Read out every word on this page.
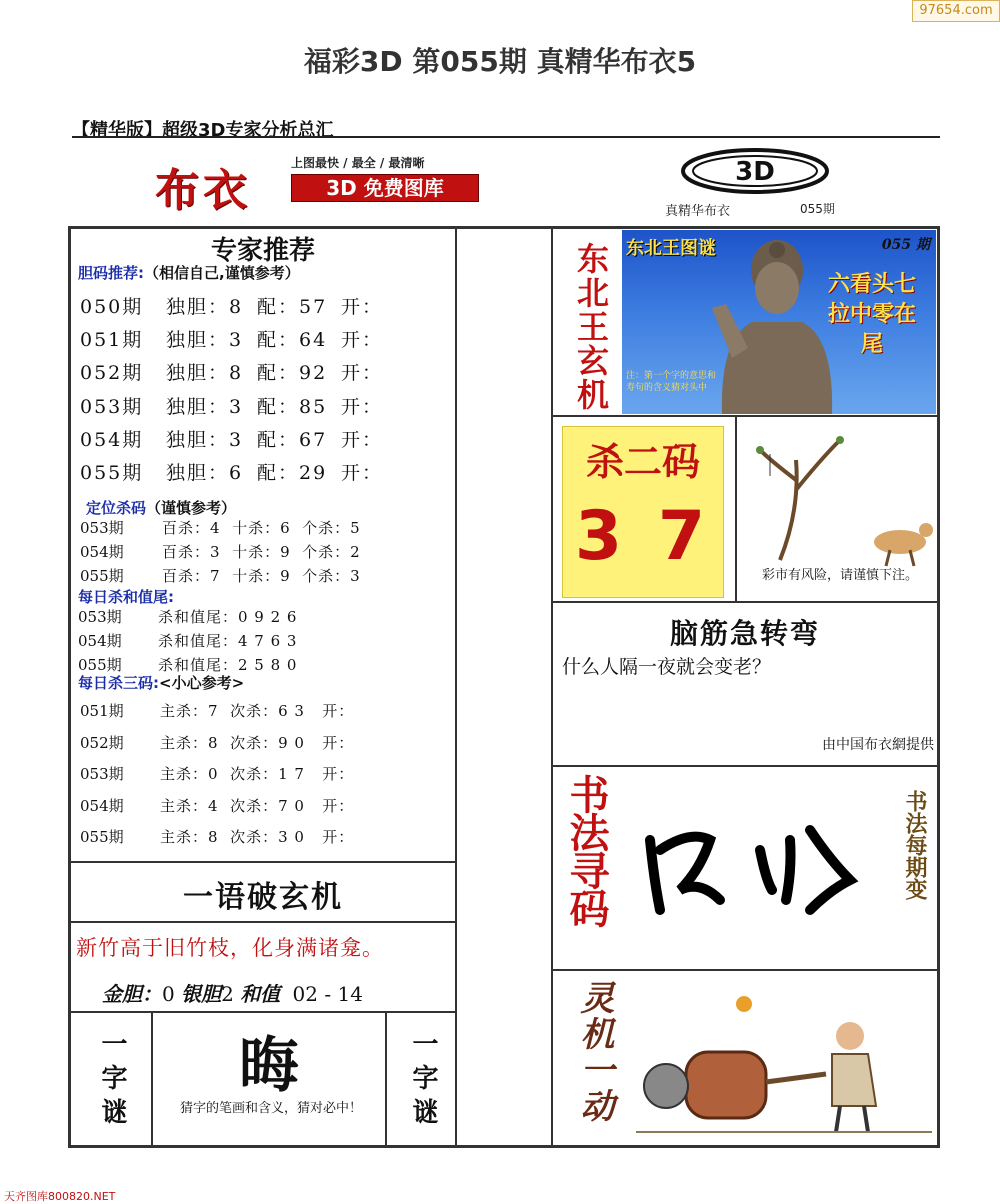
97654.com
福彩3D 第055期 真精华布衣5
【精华版】超级3D专家分析总汇
布衣
上图最快 / 最全 / 最清晰
3D 免费图库
3D
真精华布衣	055期
专家推荐
胆码推荐:（相信自己,谨慎参考）
050期 独胆：8 配：57 开：
051期 独胆：3 配：64 开：
052期 独胆：8 配：92 开：
053期 独胆：3 配：85 开：
054期 独胆：3 配：67 开：
055期 独胆：6 配：29 开：
定位杀码（谨慎参考）
053期	百杀：4  十杀：6  个杀：5
054期	百杀：3  十杀：9  个杀：2
055期	百杀：7  十杀：9  个杀：3
每日杀和值尾:
053期 杀和值尾：0 9 2 6
054期 杀和值尾：4 7 6 3
055期 杀和值尾：2 5 8 0
每日杀三码:<小心参考>
051期 主杀：7  次杀：6 3   开：
052期 主杀：8  次杀：9 0   开：
053期 主杀：0  次杀：1 7   开：
054期 主杀：4  次杀：7 0   开：
055期 主杀：8  次杀：3 0   开：
一语破玄机
新竹高于旧竹枝，化身满诸龛。
金胆：0 银胆2 和值 02 - 14
一字谜	晦
猜字的笔画和含义，猜对必中！	一字谜
东北王玄机 东北王图谜	055 期
六看头七拉中零在尾
注：第一个字的意思和寿句的含义猜对头中
杀二码
3 7	彩市有风险，请谨慎下注。
脑筋急转弯
什么人隔一夜就会变老？
由中国布衣網提供
书法寻码	书法每期变
灵机一动
天齐图库800820.NET
